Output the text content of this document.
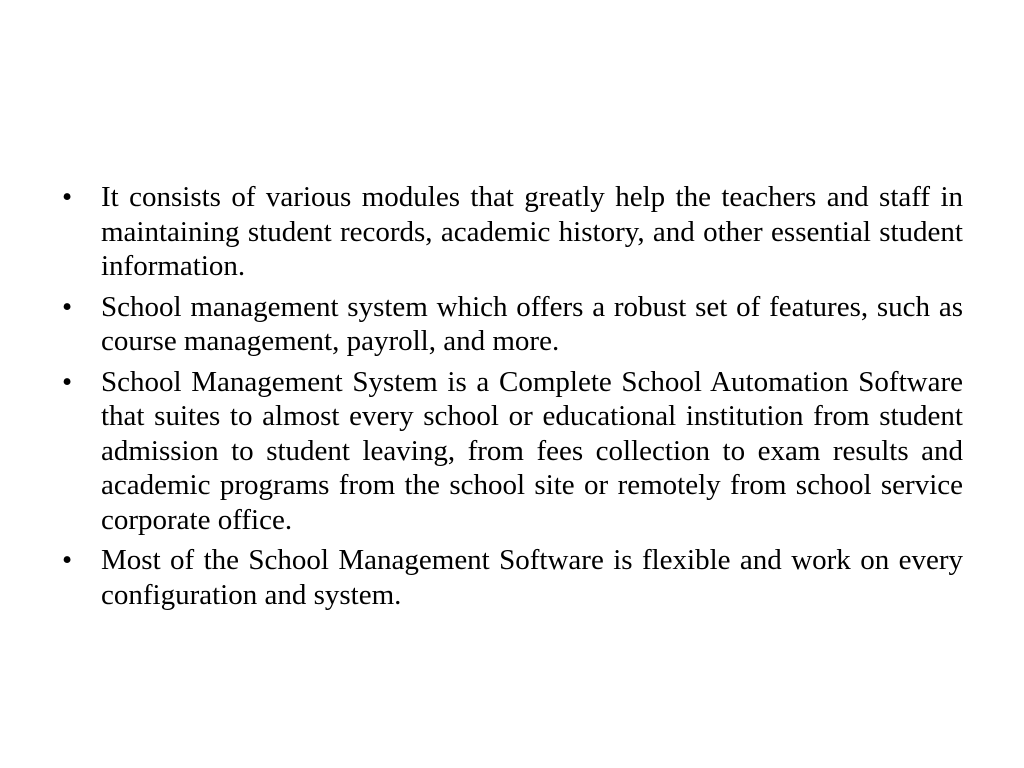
• It consists of various modules that greatly help the teachers and staff in maintaining student records, academic history, and other essential student information.

• School management system which offers a robust set of features, such as course management, payroll, and more.

• School Management System is a Complete School Automation Software that suites to almost every school or educational institution from student admission to student leaving, from fees collection to exam results and academic programs from the school site or remotely from school service corporate office.

• Most of the School Management Software is flexible and work on every configuration and system.
